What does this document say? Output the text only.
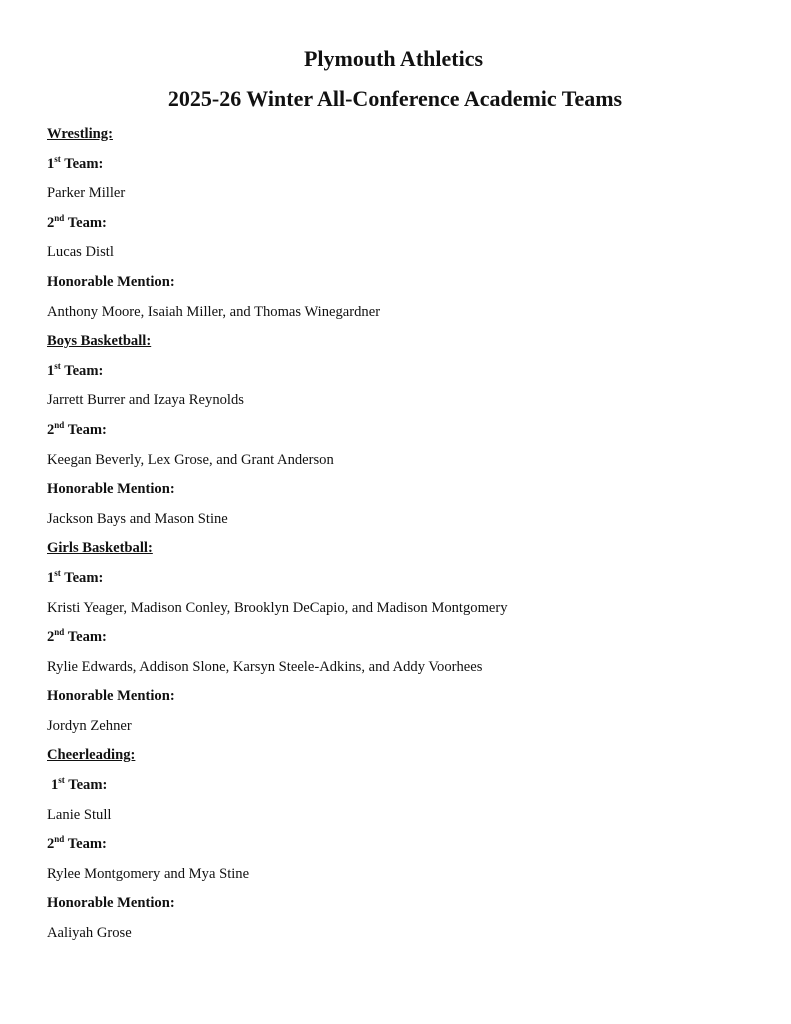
Plymouth Athletics
2025-26 Winter All-Conference Academic Teams
Wrestling:
1st Team:
Parker Miller
2nd Team:
Lucas Distl
Honorable Mention:
Anthony Moore, Isaiah Miller, and Thomas Winegardner
Boys Basketball:
1st Team:
Jarrett Burrer and Izaya Reynolds
2nd Team:
Keegan Beverly, Lex Grose, and Grant Anderson
Honorable Mention:
Jackson Bays and Mason Stine
Girls Basketball:
1st Team:
Kristi Yeager, Madison Conley, Brooklyn DeCapio, and Madison Montgomery
2nd Team:
Rylie Edwards, Addison Slone, Karsyn Steele-Adkins, and Addy Voorhees
Honorable Mention:
Jordyn Zehner
Cheerleading:
1st Team:
Lanie Stull
2nd Team:
Rylee Montgomery and Mya Stine
Honorable Mention:
Aaliyah Grose
